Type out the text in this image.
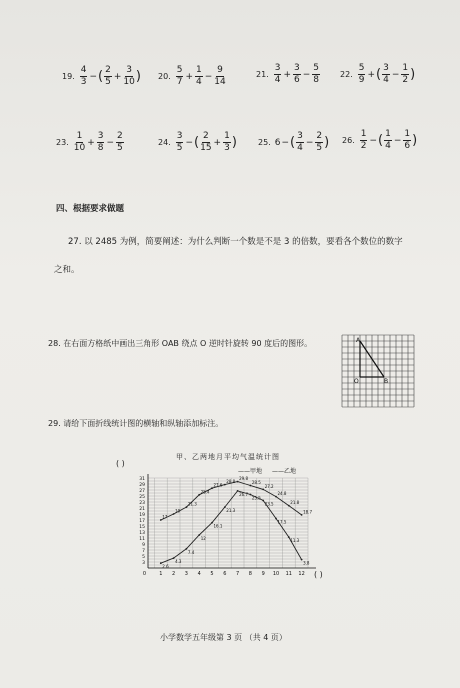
19. $\frac{4}{3}$ − ( $\frac{2}{5} + \frac{3}{10}$ ) 20. $\frac{5}{7} + \frac{1}{4} - \frac{9}{14}$	21. $\frac{3}{4} + \frac{3}{6} - \frac{5}{8} 22$. $\frac{5}{9}$ + ( $\frac{3}{4} - \frac{1}{2}$ )
23. $\frac{1}{10} + \frac{3}{8} - \frac{2}{5}$	24. $\frac{3}{5}$ − ( $\frac{2}{15} + \frac{1}{3}$ )	25. 6 − ( $\frac{3}{4} - \frac{2}{5}$ ) 26. $\frac{1}{2}$ − ( $\frac{1}{4} - \frac{1}{6}$ )
四、根据要求做题
27. 以 2485 为例，简要阐述：为什么判断一个数是不是 3 的倍数，要看各个数位的数字
之和。
28. 在右面方格纸中画出三角形 OAB 绕点 O 逆时针旋转 90 度后的图形。	A
O	B
29. 请给下面折线统计图的横轴和纵轴添加标注。
甲、乙两地月平均气温统计图
——甲地 ——乙地
( )
( )
3
5
7
9
11
13
15
17
19
21
23
25
27
29
31
1 2 3 4 5 6 7 8 9 10 11 12
0
17
19
21.3
25.4
27.6
28.8
29.8
28.5
27.2
24.8
21.8
18.7
2.6
4.3
7.4
12
16.1
21.3
26.7
25.5
23.5
17.5
11.3
3.8
小学数学五年级第 3 页 （共 4 页）
